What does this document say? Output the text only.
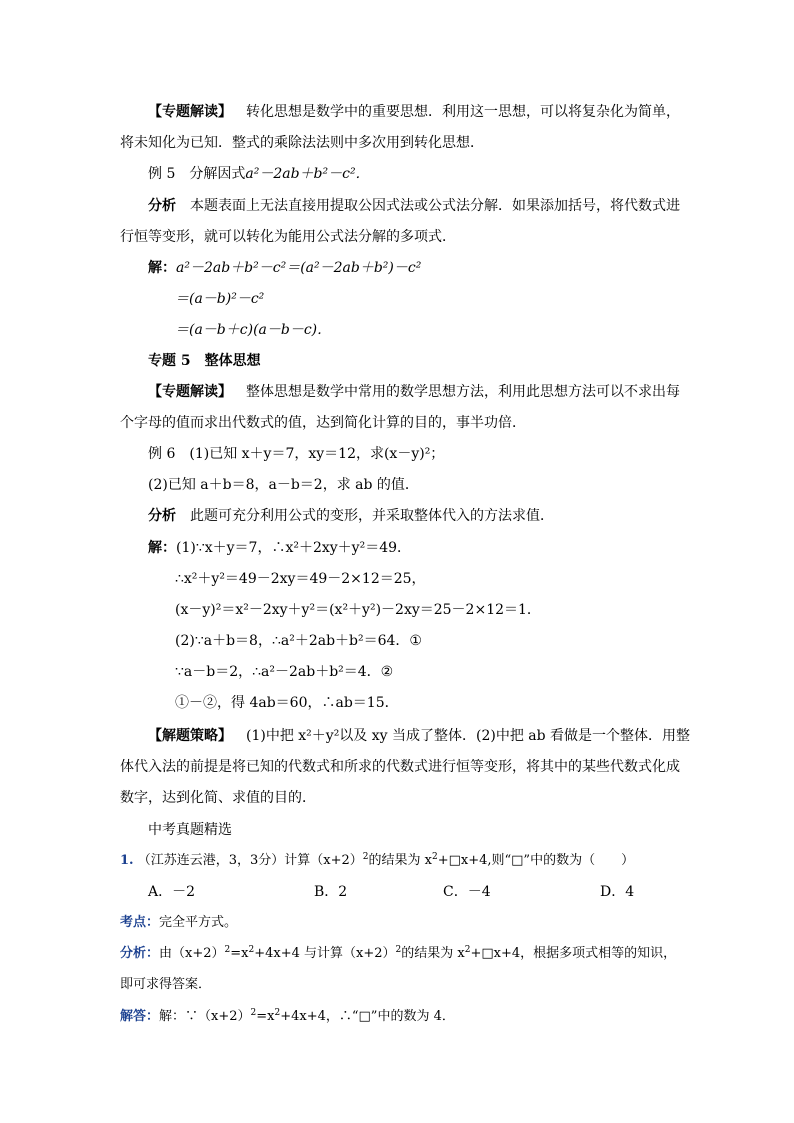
【专题解读】 转化思想是数学中的重要思想．利用这一思想，可以将复杂化为简单，
将未知化为已知．整式的乘除法法则中多次用到转化思想．
例 5　 分解因式a²－2ab＋b²－c²．
分析　 本题表面上无法直接用提取公因式法或公式法分解．如果添加括号，将代数式进
行恒等变形，就可以转化为能用公式法分解的多项式．
解：a²－2ab＋b²－c²＝(a²－2ab＋b²)－c²
＝(a－b)²－c²
＝(a－b＋c)(a－b－c)．
专题 5　整体思想
【专题解读】 整体思想是数学中常用的数学思想方法，利用此思想方法可以不求出每
个字母的值而求出代数式的值，达到简化计算的目的，事半功倍．
例 6　 (1)已知 x＋y＝7，xy＝12，求(x－y)²；
(2)已知 a＋b＝8，a－b＝2，求 ab 的值．
分析　 此题可充分利用公式的变形，并采取整体代入的方法求值．
解：(1)∵x＋y＝7，∴x²＋2xy＋y²＝49．
∴x²＋y²＝49－2xy＝49－2×12＝25，
(x－y)²＝x²－2xy＋y²＝(x²＋y²)－2xy＝25－2×12＝1．
(2)∵a＋b＝8，∴a²＋2ab＋b²＝64．①
∵a－b＝2，∴a²－2ab＋b²＝4．②
①－②，得 4ab＝60，∴ab＝15．
【解题策略】 (1)中把 x²＋y²以及 xy 当成了整体．(2)中把 ab 看做是一个整体．用整
体代入法的前提是将已知的代数式和所求的代数式进行恒等变形，将其中的某些代数式化成
数字，达到化简、求值的目的．
中考真题精选
1. （江苏连云港，3，3分）计算$(x+2)^2$的结果为 $x^2+□x+4$,则“□”中的数为（　　）
A．－2	B．2	C．－4	D．4
考点：完全平方式。
分析：由$(x+2)^2=x^2+4x+4$ 与计算$(x+2)^2$的结果为 $x^2+□x+4$，根据多项式相等的知识，
即可求得答案．
解答：解：$\because(x+2)^2=x^2+4x+4$，∴“□”中的数为 4．
